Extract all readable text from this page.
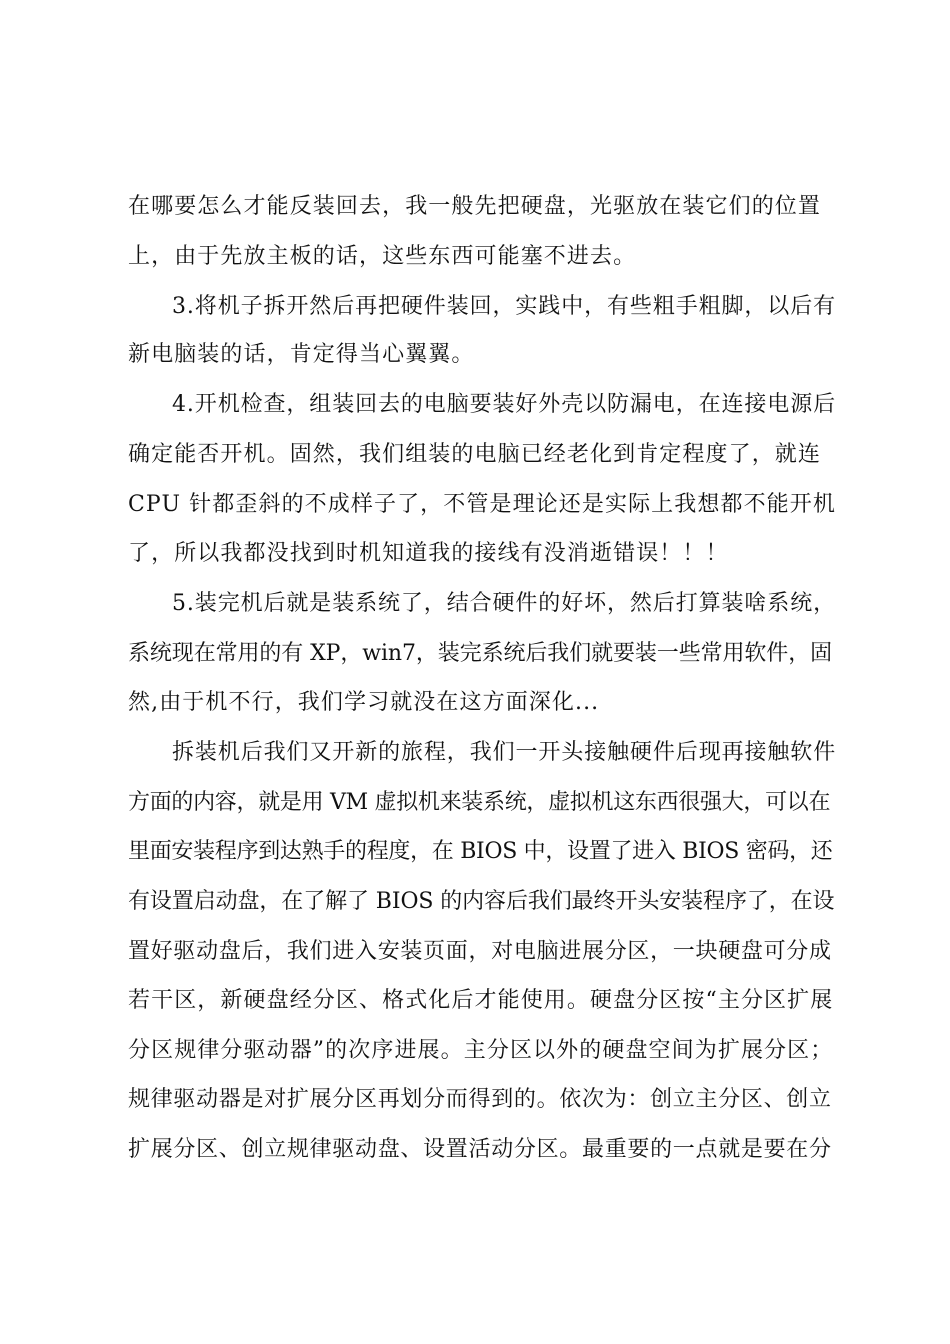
在哪要怎么才能反装回去，我一般先把硬盘，光驱放在装它们的位置
上，由于先放主板的话，这些东西可能塞不进去。
3.将机子拆开然后再把硬件装回，实践中，有些粗手粗脚，以后有
新电脑装的话，肯定得当心翼翼。
4.开机检查，组装回去的电脑要装好外壳以防漏电，在连接电源后
确定能否开机。固然，我们组装的电脑已经老化到肯定程度了，就连
CPU 针都歪斜的不成样子了，不管是理论还是实际上我想都不能开机
了，所以我都没找到时机知道我的接线有没消逝错误！！！
5.装完机后就是装系统了，结合硬件的好坏，然后打算装啥系统，
系统现在常用的有 XP，win7，装完系统后我们就要装一些常用软件，固
然,由于机不行，我们学习就没在这方面深化...
拆装机后我们又开新的旅程，我们一开头接触硬件后现再接触软件
方面的内容，就是用 VM 虚拟机来装系统，虚拟机这东西很强大，可以在
里面安装程序到达熟手的程度，在 BIOS 中，设置了进入 BIOS 密码，还
有设置启动盘，在了解了 BIOS 的内容后我们最终开头安装程序了，在设
置好驱动盘后，我们进入安装页面，对电脑进展分区，一块硬盘可分成
若干区，新硬盘经分区、格式化后才能使用。硬盘分区按“主分区扩展
分区规律分驱动器”的次序进展。主分区以外的硬盘空间为扩展分区；
规律驱动器是对扩展分区再划分而得到的。依次为：创立主分区、创立
扩展分区、创立规律驱动盘、设置活动分区。最重要的一点就是要在分
